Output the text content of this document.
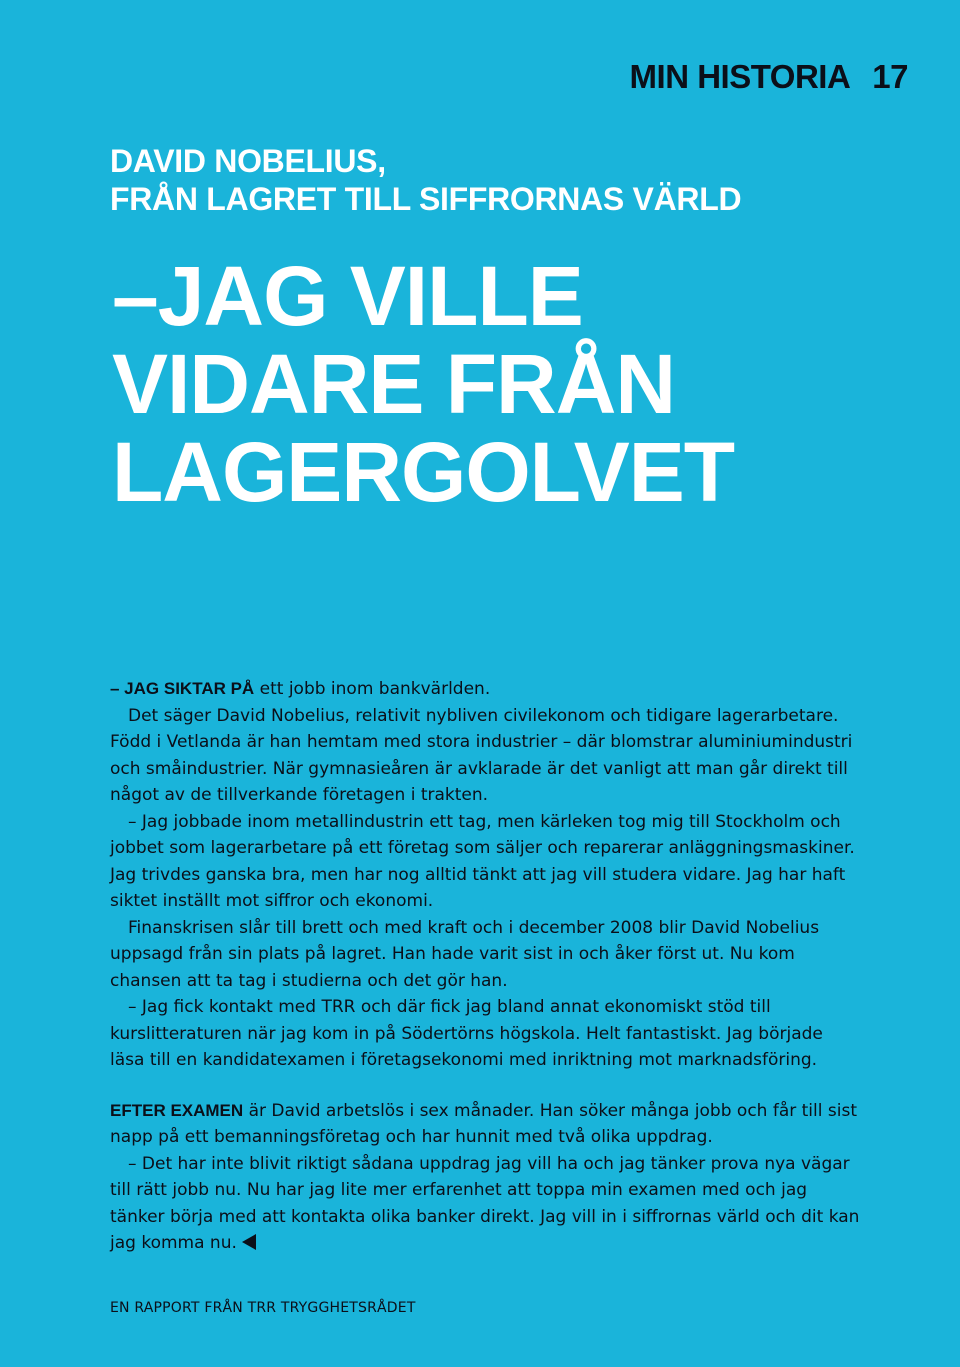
MIN HISTORIA 17
DAVID NOBELIUS,
FRÅN LAGRET TILL SIFFRORNAS VÄRLD
–JAG VILLE
VIDARE FRÅN
LAGERGOLVET

– JAG SIKTAR PÅ ett jobb inom bankvärlden.

Det säger David Nobelius, relativit nybliven civilekonom och tidigare lagerarbetare. Född i Vetlanda är han hemtam med stora industrier – där blomstrar aluminiumindustri och småindustrier. När gymnasieåren är avklarade är det vanligt att man går direkt till något av de tillverkande företagen i trakten.

– Jag jobbade inom metallindustrin ett tag, men kärleken tog mig till Stockholm och jobbet som lagerarbetare på ett företag som säljer och reparerar anläggningsmaskiner. Jag trivdes ganska bra, men har nog alltid tänkt att jag vill studera vidare. Jag har haft siktet inställt mot siffror och ekonomi.

Finanskrisen slår till brett och med kraft och i december 2008 blir David Nobelius uppsagd från sin plats på lagret. Han hade varit sist in och åker först ut. Nu kom chansen att ta tag i studierna och det gör han.

– Jag fick kontakt med TRR och där fick jag bland annat ekonomiskt stöd till kurslitteraturen när jag kom in på Södertörns högskola. Helt fantastiskt. Jag började läsa till en kandidatexamen i företagsekonomi med inriktning mot marknadsföring.

EFTER EXAMEN är David arbetslös i sex månader. Han söker många jobb och får till sist napp på ett bemanningsföretag och har hunnit med två olika uppdrag.

– Det har inte blivit riktigt sådana uppdrag jag vill ha och jag tänker prova nya vägar till rätt jobb nu. Nu har jag lite mer erfarenhet att toppa min examen med och jag tänker börja med att kontakta olika banker direkt. Jag vill in i siffrornas värld och dit kan jag komma nu.

EN RAPPORT FRÅN TRR TRYGGHETSRÅDET
